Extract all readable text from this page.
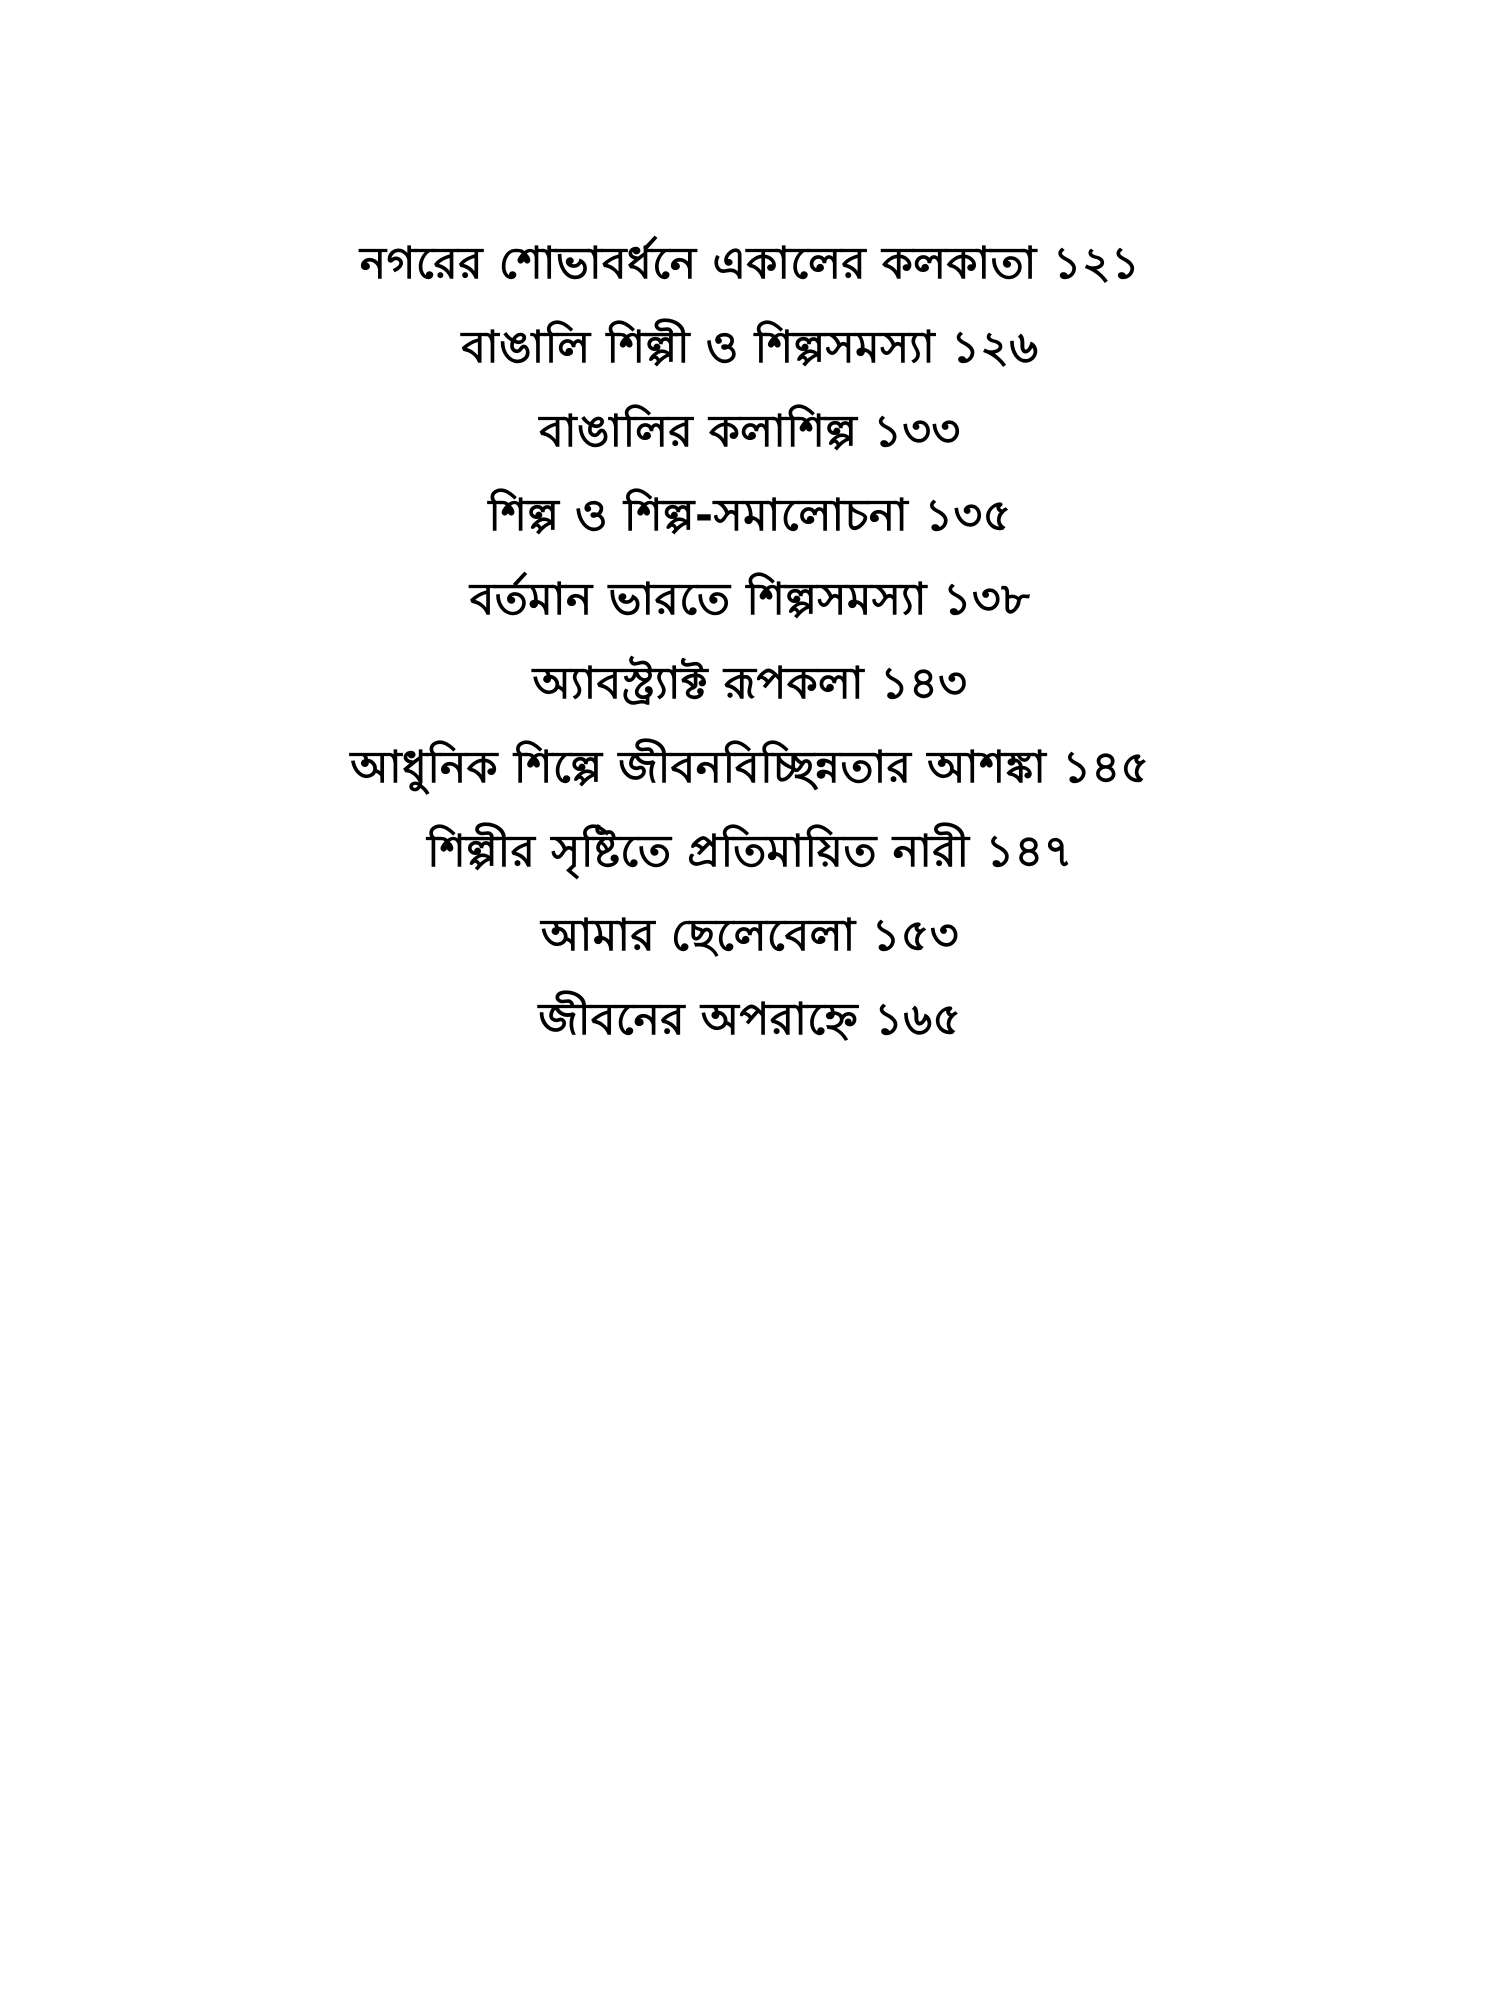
নগরের শোভাবর্ধনে একালের কলকাতা ১২১
বাঙালি শিল্পী ও শিল্পসমস্যা ১২৬
বাঙালির কলাশিল্প ১৩৩
শিল্প ও শিল্প-সমালোচনা ১৩৫
বর্তমান ভারতে শিল্পসমস্যা ১৩৮
অ্যাবস্ট্র্যাক্ট রূপকলা ১৪৩
আধুনিক শিল্পে জীবনবিচ্ছিন্নতার আশঙ্কা ১৪৫
শিল্পীর সৃষ্টিতে প্রতিমায়িত নারী ১৪৭
আমার ছেলেবেলা ১৫৩
জীবনের অপরাহ্নে ১৬৫
